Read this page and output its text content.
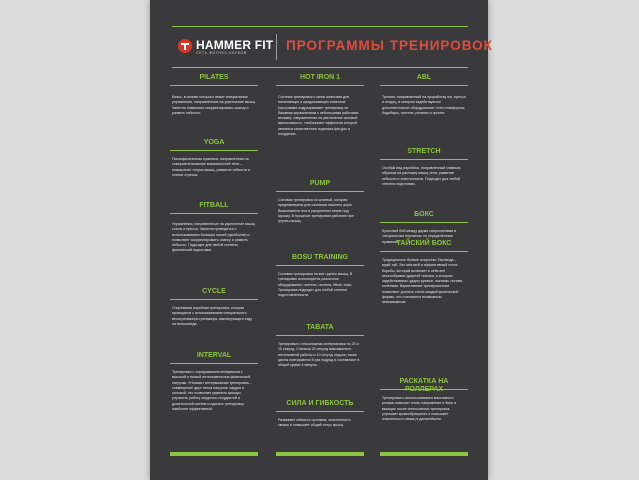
HAMMER FIT
СЕТЬ ФИТНЕС-КЛУБОВ	ПРОГРАММЫ ТРЕНИРОВОК
PILATES
Класс, в основе которого лежат специальные упражнения, направленные на укрепление мышц. Занятия позволяют скорректировать осанку и развить гибкость.
YOGA
Психофизическая практика, направленная на совершенствование возможностей тела – повышение тонуса мышц, развитие гибкости и снятие стресса.
FITBALL
Упражнения, направленные на укрепление мышц спины и пресса. Занятия проводятся с использованием больших мячей (фитболов) и позволяют скорректировать осанку и развить гибкость. Подходит для любой степени физической подготовки.
CYCLE
Спортивная аэробная тренировка, которая проводится с использованием специального велотренажера-тренажера, имитирующего езду на велосипеде.
INTERVAL
Тренировка с чередованием интервалов с высокой и низкой интенсивностью физической нагрузки. «Низкая» интервальная тренировка – совмещение двух типов нагрузок: кардио и силовой, что позволяет укрепить мышцы, улучшить работу сердечно-сосудистой и дыхательной систем и сделать тренировку наиболее эффективной.
HOT IRON 1
Система тренировок с мини штангами для начинающих и продолжающих клиентов (программа подразумевает тренировку по базовым упражнениям с небольшими рабочими весами), направленная на увеличение силовой выносливости, «побочным» эффектом которой является качественная подтяжка фигуры и похудение.
PUMP
Силовая тренировка со штангой, которая предназначена для сжигания лишнего жира. Выполняется она в ускоренном темпе под музыку. В процессе тренировки работают все группы мышц.
BOSU TRAINING
Силовая тренировка на все группы мышц. В тренировке используется различное оборудование: гантели, гантели, fitball, bosu. Тренировка подходит для любой степени подготовленности.
TABATA
Тренировка с несколькими интервалами по 20 и 10 секунд. Сначала 20 секунд максимально интенсивной работы и 10 секунд отдыха, такие циклы повторяются 8 раз подряд и составляют в общей сумме 4 минуты.
СИЛА И ГИБКОСТЬ
Развивает гибкость суставов, эластичность связок и повышает общий тонус мышц.
ABL
Тренинг, направленный на проработку ног, пресса и ягодиц, в котором задействуются дополнительное оборудование: степ-платформы, бодибары, гантели, резинки и прочее.
STRETCH
Особый вид аэробики, направленный главным образом на растяжку мышц тела, развитие гибкости и эластичности. Подходит для любой степени подготовки.
БОКС
Кулачный бой между двумя спортсменами в специальных перчатках по определённым правилам.
ТАЙСКИЙ БОКС
Традиционное боевое искусство Таиланда – муай-тай. Это жёсткий и эффективный стиль борьбы, который включает в себя всё многообразие ударной техники, в котором задействованы: удары руками, локтями, ногами, коленями. Вариативные тренировочные позволяют достичь стиль каждой физической формы, что становится возможным невозможным.
РАСКАТКА НА
Тренировка с использованием массажного ролика помогает снять напряжение и боль в мышцах после интенсивных тренировок, улучшает кровообращение и повышает эластичность мышц в дальнейшем.
